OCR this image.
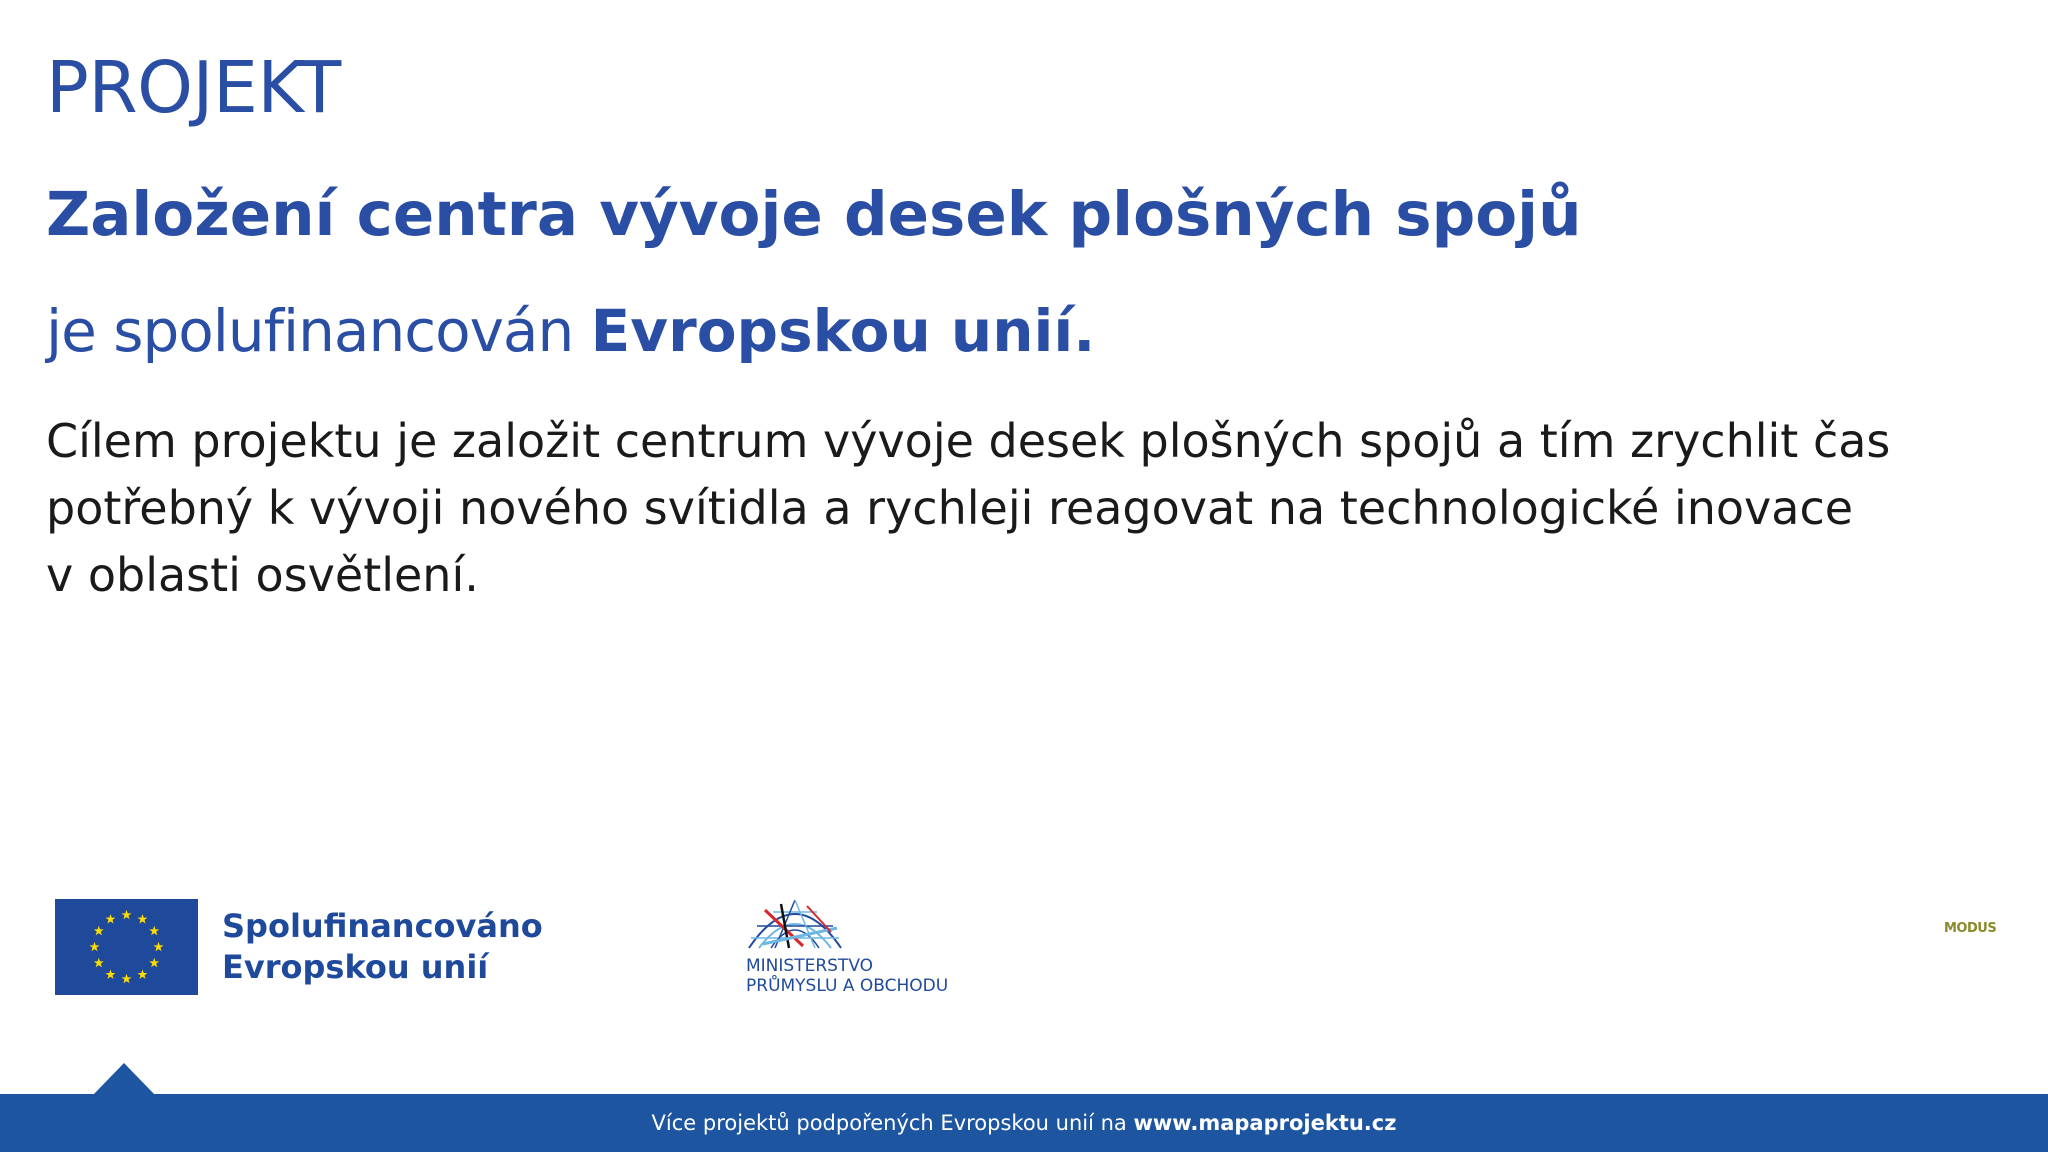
PROJEKT
Založení centra vývoje desek plošných spojů
je spolufinancován Evropskou unií.
Cílem projektu je založit centrum vývoje desek plošných spojů a tím zrychlit čas
potřebný k vývoji nového svítidla a rychleji reagovat na technologické inovace
v oblasti osvětlení.
Spolufinancováno
Evropskou unií	MINISTERSTVO
PRŮMYSLU A OBCHODU
MODUS
Více projektů podpořených Evropskou unií na www.mapaprojektu.cz
